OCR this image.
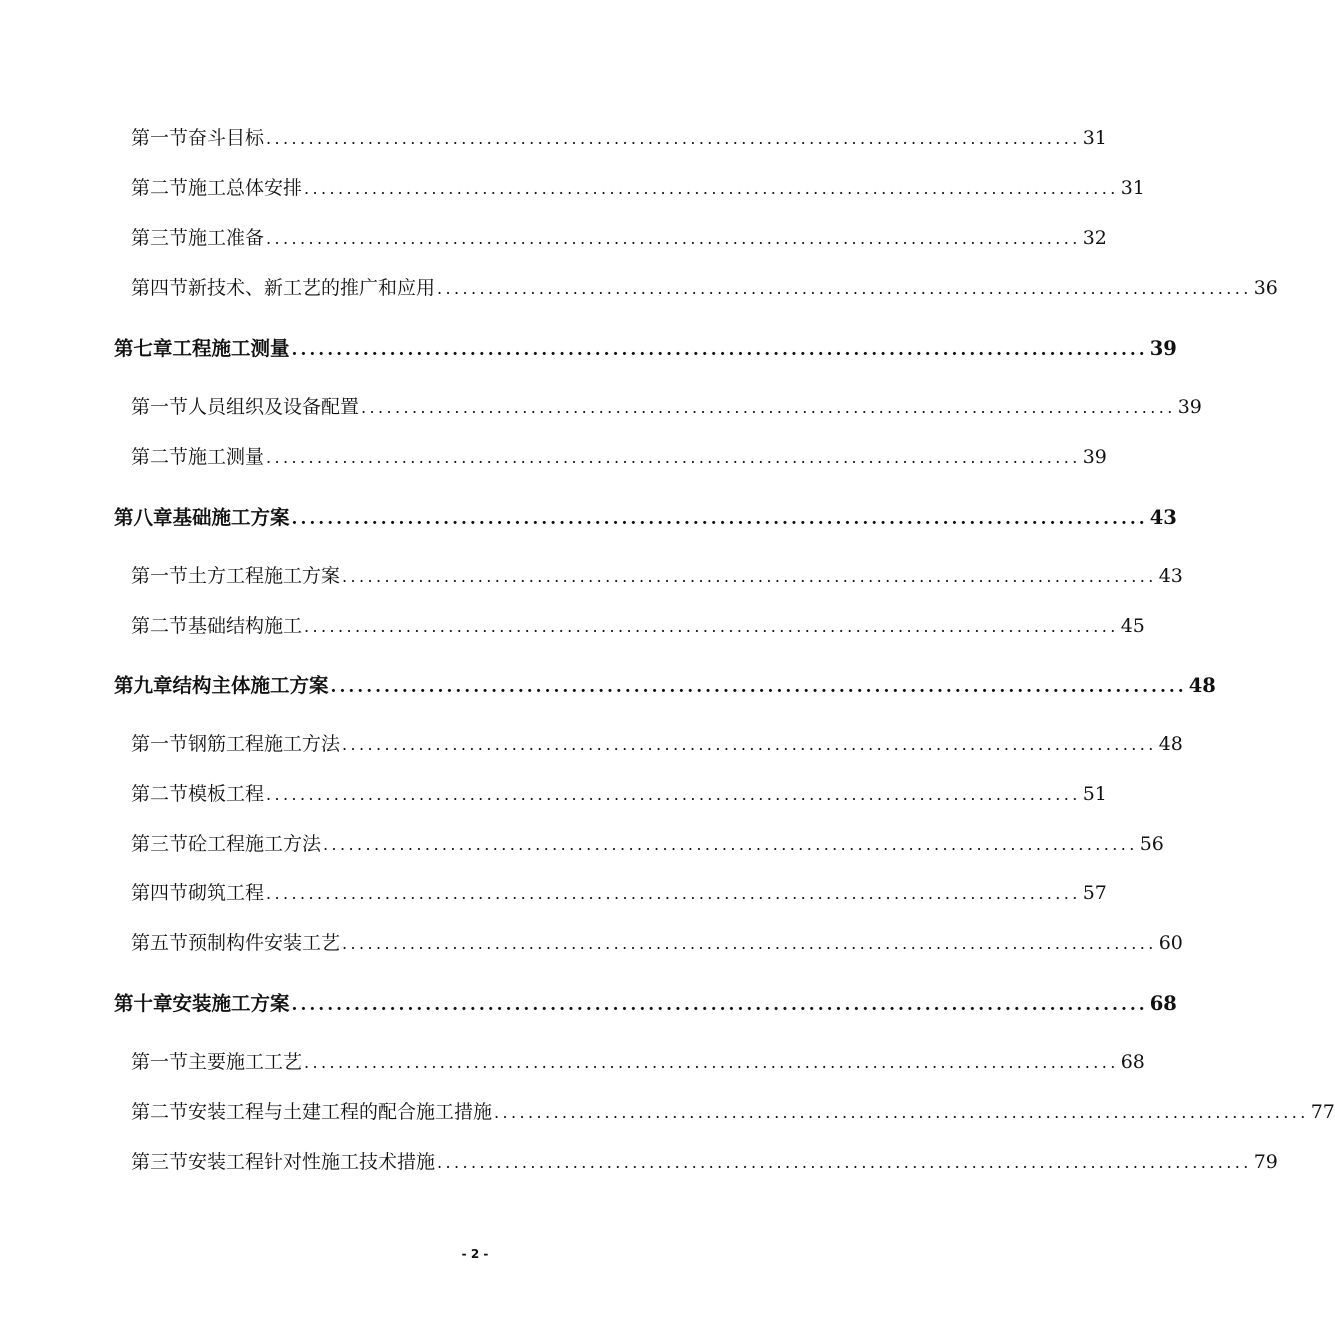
第一节 奋斗目标 ................................................................................................ 31
第二节 施工总体安排 ................................................................................................ 31
第三节 施工准备 ................................................................................................ 32
第四节 新技术、新工艺的推广和应用 ................................................................................................ 36
第七章 工程施工测量 ................................................................................................ 39
第一节 人员组织及设备配置 ................................................................................................ 39
第二节 施工测量 ................................................................................................ 39
第八章 基础施工方案 ................................................................................................ 43
第一节 土方工程施工方案 ................................................................................................ 43
第二节 基础结构施工 ................................................................................................ 45
第九章 结构主体施工方案 ................................................................................................ 48
第一节 钢筋工程施工方法 ................................................................................................ 48
第二节 模板工程 ................................................................................................ 51
第三节 砼工程施工方法 ................................................................................................ 56
第四节 砌筑工程 ................................................................................................ 57
第五节 预制构件安装工艺 ................................................................................................ 60
第十章 安装施工方案 ................................................................................................ 68
第一节 主要施工工艺 ................................................................................................ 68
第二节 安装工程与土建工程的配合施工措施 ................................................................................................ 77
第三节 安装工程针对性施工技术措施 ................................................................................................ 79
- 2 -
